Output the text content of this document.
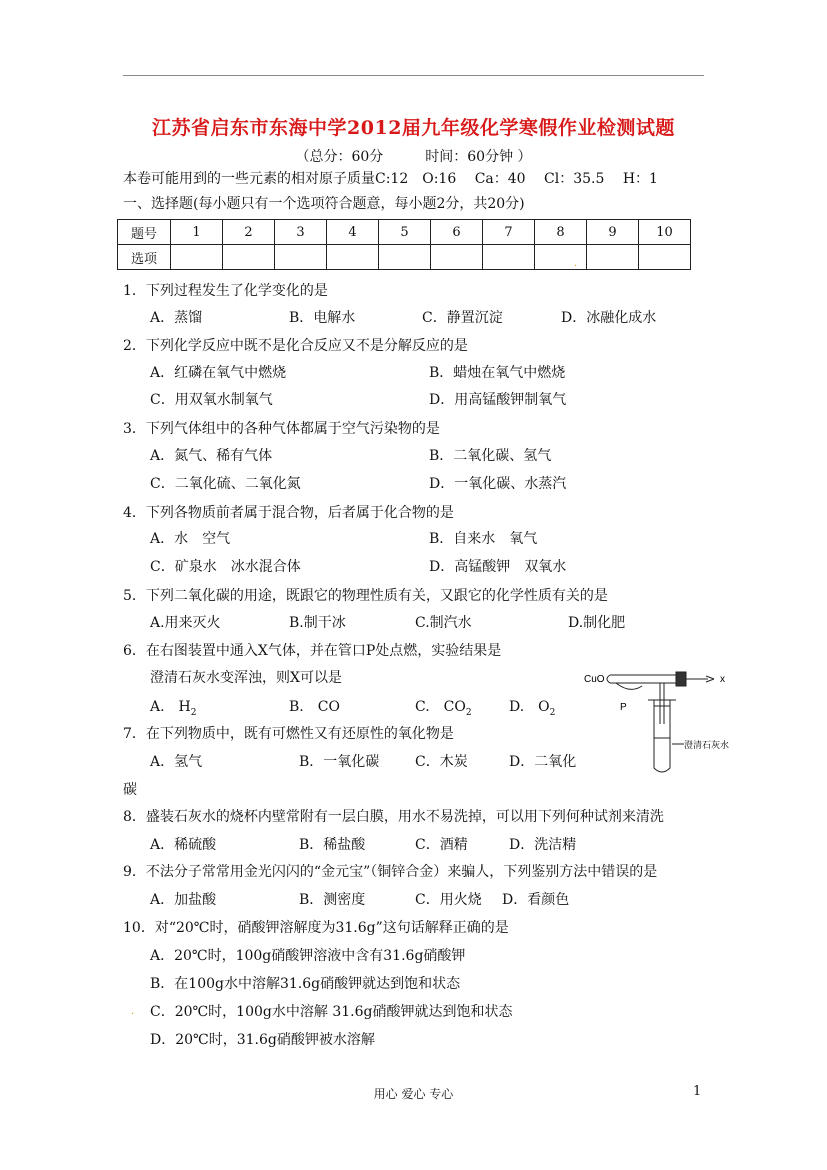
江苏省启东市东海中学2012届九年级化学寒假作业检测试题
（总分：60分　　　时间：60分钟 ）
本卷可能用到的一些元素的相对原子质量C:12　O:16　 Ca：40　 Cl：35.5　 H：1
一、选择题(每小题只有一个选项符合题意，每小题2分，共20分)
题号	1	2	3	4	5	6	7	8	9	10
选项											.
1．下列过程发生了化学变化的是
A．蒸馏	B．电解水	C．静置沉淀	D．冰融化成水
2．下列化学反应中既不是化合反应又不是分解反应的是
A．红磷在氧气中燃烧	B．蜡烛在氧气中燃烧
C．用双氧水制氧气	D．用高锰酸钾制氧气
3．下列气体组中的各种气体都属于空气污染物的是
A．氮气、稀有气体	B．二氧化碳、氢气
C．二氧化硫、二氧化氮	D．一氧化碳、水蒸汽
4．下列各物质前者属于混合物，后者属于化合物的是
A．水　空气	B．自来水　氧气
C．矿泉水　冰水混合体	D．高锰酸钾　双氧水
5．下列二氧化碳的用途，既跟它的物理性质有关，又跟它的化学性质有关的是
A.用来灭火	B.制干冰	C.制汽水	D.制化肥
6．在右图装置中通入X气体，并在管口P处点燃，实验结果是
澄清石灰水变浑浊，则X可以是
A.　$H_2$	B.　CO	C.　$CO_2$	D.　$O_2$
CuO	x
P
澄清石灰水
7．在下列物质中，既有可燃性又有还原性的氧化物是
A．氢气	B．一氧化碳	C．木炭	D．二氧化
碳
8．盛装石灰水的烧杯内壁常附有一层白膜，用水不易洗掉，可以用下列何种试剂来清洗
A．稀硫酸	B．稀盐酸	C．酒精	D．洗洁精
9．不法分子常常用金光闪闪的“金元宝”（铜锌合金）来骗人，下列鉴别方法中错误的是
A．加盐酸	B．测密度	C．用火烧 D．看颜色
10．对“20℃时，硝酸钾溶解度为31.6g”这句话解释正确的是
A．20℃时，100g硝酸钾溶液中含有31.6g硝酸钾
B．在100g水中溶解31.6g硝酸钾就达到饱和状态
. C．20℃时，100g水中溶解 31.6g硝酸钾就达到饱和状态
D．20℃时，31.6g硝酸钾被水溶解
用心 爱心 专心	1
